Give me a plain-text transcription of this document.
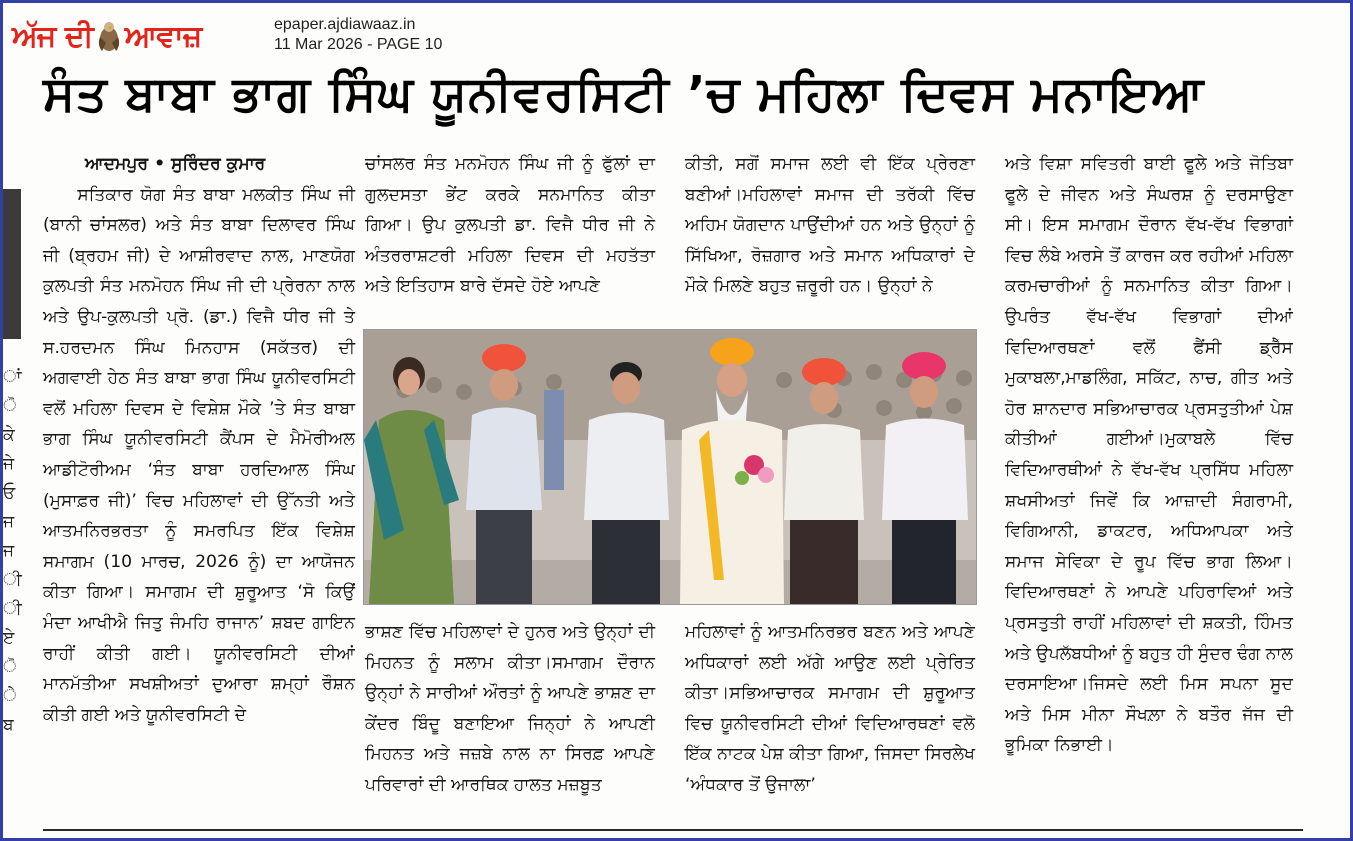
ਅੱਜ ਦੀ ਆਵਾਜ਼	epaper.ajdiawaaz.in
11 Mar 2026 - PAGE 10
ਸੰਤ ਬਾਬਾ ਭਾਗ ਸਿੰਘ ਯੂਨੀਵਰਸਿਟੀ ’ਚ ਮਹਿਲਾ ਦਿਵਸ ਮਨਾਇਆ
ਾਂ
ੋ
ਕੇ
ਜੇ
ਓ
ਜ
ਜ
ੀ
ੀ
ਏ
ੋ
ੇ
ਬ

ਆਦਮਪੁਰ • ਸੁਰਿੰਦਰ ਕੁਮਾਰ

ਸਤਿਕਾਰ ਯੋਗ ਸੰਤ ਬਾਬਾ ਮਲਕੀਤ ਸਿੰਘ ਜੀ (ਬਾਨੀ ਚਾਂਸਲਰ) ਅਤੇ ਸੰਤ ਬਾਬਾ ਦਿਲਾਵਰ ਸਿੰਘ ਜੀ (ਬ੍ਰਹਮ ਜੀ) ਦੇ ਆਸ਼ੀਰਵਾਦ ਨਾਲ, ਮਾਣਯੋਗ ਕੁਲਪਤੀ ਸੰਤ ਮਨਮੋਹਨ ਸਿੰਘ ਜੀ ਦੀ ਪ੍ਰੇਰਨਾ ਨਾਲ ਅਤੇ ਉਪ-ਕੁਲਪਤੀ ਪ੍ਰੋ. (ਡਾ.) ਵਿਜੈ ਧੀਰ ਜੀ ਤੇ ਸ.ਹਰਦਮਨ ਸਿੰਘ ਮਿਨਹਾਸ (ਸਕੱਤਰ) ਦੀ ਅਗਵਾਈ ਹੇਠ ਸੰਤ ਬਾਬਾ ਭਾਗ ਸਿੰਘ ਯੂਨੀਵਰਸਿਟੀ ਵਲੋਂ ਮਹਿਲਾ ਦਿਵਸ ਦੇ ਵਿਸ਼ੇਸ਼ ਮੌਕੇ ’ਤੇ ਸੰਤ ਬਾਬਾ ਭਾਗ ਸਿੰਘ ਯੂਨੀਵਰਸਿਟੀ ਕੈਂਪਸ ਦੇ ਮੈਮੋਰੀਅਲ ਆਡੀਟੋਰੀਅਮ ‘ਸੰਤ ਬਾਬਾ ਹਰਦਿਆਲ ਸਿੰਘ (ਮੁਸਾਫ਼ਰ ਜੀ)’ ਵਿਚ ਮਹਿਲਾਵਾਂ ਦੀ ਉੱਨਤੀ ਅਤੇ ਆਤਮਨਿਰਭਰਤਾ ਨੂੰ ਸਮਰਪਿਤ ਇੱਕ ਵਿਸ਼ੇਸ਼ ਸਮਾਗਮ (10 ਮਾਰਚ, 2026 ਨੂੰ) ਦਾ ਆਯੋਜਨ ਕੀਤਾ ਗਿਆ। ਸਮਾਗਮ ਦੀ ਸ਼ੁਰੂਆਤ ‘ਸੋ ਕਿਉਂ ਮੰਦਾ ਆਖੀਐ ਜਿਤੁ ਜੰਮਹਿ ਰਾਜਾਨ’ ਸ਼ਬਦ ਗਾਇਨ ਰਾਹੀਂ ਕੀਤੀ ਗਈ। ਯੂਨੀਵਰਸਿਟੀ ਦੀਆਂ ਮਾਨਮੱਤੀਆ ਸਖਸ਼ੀਅਤਾਂ ਦੁਆਰਾ ਸ਼ਮ੍ਹਾਂ ਰੌਸ਼ਨ ਕੀਤੀ ਗਈ ਅਤੇ ਯੂਨੀਵਰਸਿਟੀ ਦੇ

ਚਾਂਸਲਰ ਸੰਤ ਮਨਮੋਹਨ ਸਿੰਘ ਜੀ ਨੂੰ ਫੁੱਲਾਂ ਦਾ ਗੁਲਦਸਤਾ ਭੇਂਟ ਕਰਕੇ ਸਨਮਾਨਿਤ ਕੀਤਾ ਗਿਆ। ਉਪ ਕੁਲਪਤੀ ਡਾ. ਵਿਜੈ ਧੀਰ ਜੀ ਨੇ ਅੰਤਰਰਾਸ਼ਟਰੀ ਮਹਿਲਾ ਦਿਵਸ ਦੀ ਮਹਤੱਤਾ ਅਤੇ ਇਤਿਹਾਸ ਬਾਰੇ ਦੱਸਦੇ ਹੋਏ ਆਪਣੇ

ਕੀਤੀ, ਸਗੋਂ ਸਮਾਜ ਲਈ ਵੀ ਇੱਕ ਪ੍ਰੇਰਣਾ ਬਣੀਆਂ।ਮਹਿਲਾਵਾਂ ਸਮਾਜ ਦੀ ਤਰੱਕੀ ਵਿੱਚ ਅਹਿਮ ਯੋਗਦਾਨ ਪਾਉਂਦੀਆਂ ਹਨ ਅਤੇ ਉਨ੍ਹਾਂ ਨੂੰ ਸਿੱਖਿਆ, ਰੋਜ਼ਗਾਰ ਅਤੇ ਸਮਾਨ ਅਧਿਕਾਰਾਂ ਦੇ ਮੌਕੇ ਮਿਲਣੇ ਬਹੁਤ ਜ਼ਰੂਰੀ ਹਨ। ਉਨ੍ਹਾਂ ਨੇ

ਅਤੇ ਵਿਸ਼ਾ ਸਵਿਤਰੀ ਬਾਈ ਫੂਲੇ ਅਤੇ ਜੋਤਿਬਾ ਫੂਲੇ ਦੇ ਜੀਵਨ ਅਤੇ ਸੰਘਰਸ਼ ਨੂੰ ਦਰਸਾਉਣਾ ਸੀ। ਇਸ ਸਮਾਗਮ ਦੌਰਾਨ ਵੱਖ-ਵੱਖ ਵਿਭਾਗਾਂ ਵਿਚ ਲੰਬੇ ਅਰਸੇ ਤੋਂ ਕਾਰਜ ਕਰ ਰਹੀਆਂ ਮਹਿਲਾ ਕਰਮਚਾਰੀਆਂ ਨੂੰ ਸਨਮਾਨਿਤ ਕੀਤਾ ਗਿਆ। ਉਪਰੰਤ ਵੱਖ-ਵੱਖ ਵਿਭਾਗਾਂ ਦੀਆਂ ਵਿਦਿਆਰਥਣਾਂ ਵਲੋਂ ਫੈਂਸੀ ਡ੍ਰੈੱਸ ਮੁਕਾਬਲਾ,ਮਾਡਲਿੰਗ, ਸਕਿੱਟ, ਨਾਚ, ਗੀਤ ਅਤੇ ਹੋਰ ਸ਼ਾਨਦਾਰ ਸਭਿਆਚਾਰਕ ਪ੍ਰਸਤੁਤੀਆਂ ਪੇਸ਼ ਕੀਤੀਆਂ ਗਈਆਂ।ਮੁਕਾਬਲੇ ਵਿੱਚ ਵਿਦਿਆਰਥੀਆਂ ਨੇ ਵੱਖ-ਵੱਖ ਪ੍ਰਸਿੱਧ ਮਹਿਲਾ ਸ਼ਖਸੀਅਤਾਂ ਜਿਵੇਂ ਕਿ ਆਜ਼ਾਦੀ ਸੰਗਰਾਮੀ, ਵਿਗਿਆਨੀ, ਡਾਕਟਰ, ਅਧਿਆਪਕਾ ਅਤੇ ਸਮਾਜ ਸੇਵਿਕਾ ਦੇ ਰੂਪ ਵਿੱਚ ਭਾਗ ਲਿਆ। ਵਿਦਿਆਰਥਣਾਂ ਨੇ ਆਪਣੇ ਪਹਿਰਾਵਿਆਂ ਅਤੇ ਪ੍ਰਸਤੁਤੀ ਰਾਹੀਂ ਮਹਿਲਾਵਾਂ ਦੀ ਸ਼ਕਤੀ, ਹਿੰਮਤ ਅਤੇ ਉਪਲੱਬਧੀਆਂ ਨੂੰ ਬਹੁਤ ਹੀ ਸੁੰਦਰ ਢੰਗ ਨਾਲ ਦਰਸਾਇਆ।ਜਿਸਦੇ ਲਈ ਮਿਸ ਸਪਨਾ ਸੂਦ ਅਤੇ ਮਿਸ ਮੀਨਾ ਸੌਖਲ਼ਾ ਨੇ ਬਤੌਰ ਜੱਜ ਦੀ ਭੂਮਿਕਾ ਨਿਭਾਈ।

ਭਾਸ਼ਣ ਵਿੱਚ ਮਹਿਲਾਵਾਂ ਦੇ ਹੁਨਰ ਅਤੇ ਉਨ੍ਹਾਂ ਦੀ ਮਿਹਨਤ ਨੂੰ ਸਲਾਮ ਕੀਤਾ।ਸਮਾਗਮ ਦੌਰਾਨ ਉਨ੍ਹਾਂ ਨੇ ਸਾਰੀਆਂ ਔਰਤਾਂ ਨੂੰ ਆਪਣੇ ਭਾਸ਼ਣ ਦਾ ਕੇਂਦਰ ਬਿੰਦੂ ਬਣਾਇਆ ਜਿਨ੍ਹਾਂ ਨੇ ਆਪਣੀ ਮਿਹਨਤ ਅਤੇ ਜਜ਼ਬੇ ਨਾਲ ਨਾ ਸਿਰਫ਼ ਆਪਣੇ ਪਰਿਵਾਰਾਂ ਦੀ ਆਰਥਿਕ ਹਾਲਤ ਮਜ਼ਬੂਤ

ਮਹਿਲਾਵਾਂ ਨੂੰ ਆਤਮਨਿਰਭਰ ਬਣਨ ਅਤੇ ਆਪਣੇ ਅਧਿਕਾਰਾਂ ਲਈ ਅੱਗੇ ਆਉਣ ਲਈ ਪ੍ਰੇਰਿਤ ਕੀਤਾ।ਸਭਿਆਚਾਰਕ ਸਮਾਗਮ ਦੀ ਸ਼ੁਰੂਆਤ ਵਿਚ ਯੂਨੀਵਰਸਿਟੀ ਦੀਆਂ ਵਿਦਿਆਰਥਣਾਂ ਵਲੋ ਇੱਕ ਨਾਟਕ ਪੇਸ਼ ਕੀਤਾ ਗਿਆ, ਜਿਸਦਾ ਸਿਰਲੇਖ ‘ਅੰਧਕਾਰ ਤੋਂ ਉਜਾਲਾ’
